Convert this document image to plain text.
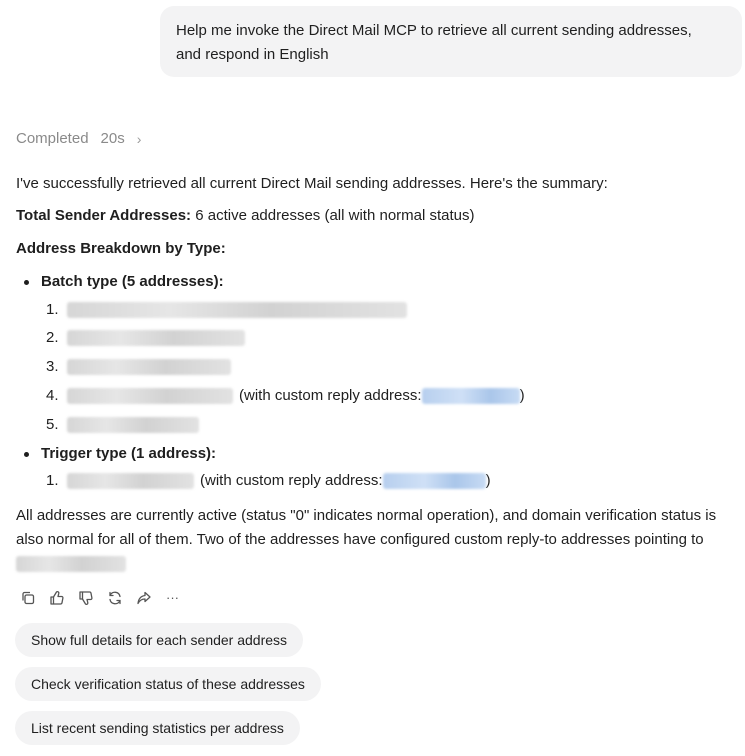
Help me invoke the Direct Mail MCP to retrieve all current sending addresses,
and respond in English
Completed 20s ›
I've successfully retrieved all current Direct Mail sending addresses. Here's the summary:
Total Sender Addresses: 6 active addresses (all with normal status)
Address Breakdown by Type:
Batch type (5 addresses):
1.
2.
3.
4.	(with custom reply address:	)
5.
Trigger type (1 address):
1.	(with custom reply address:	)
All addresses are currently active (status "0" indicates normal operation), and domain verification status is
also normal for all of them. Two of the addresses have configured custom reply-to addresses pointing to
···
Show full details for each sender address
Check verification status of these addresses
List recent sending statistics per address
